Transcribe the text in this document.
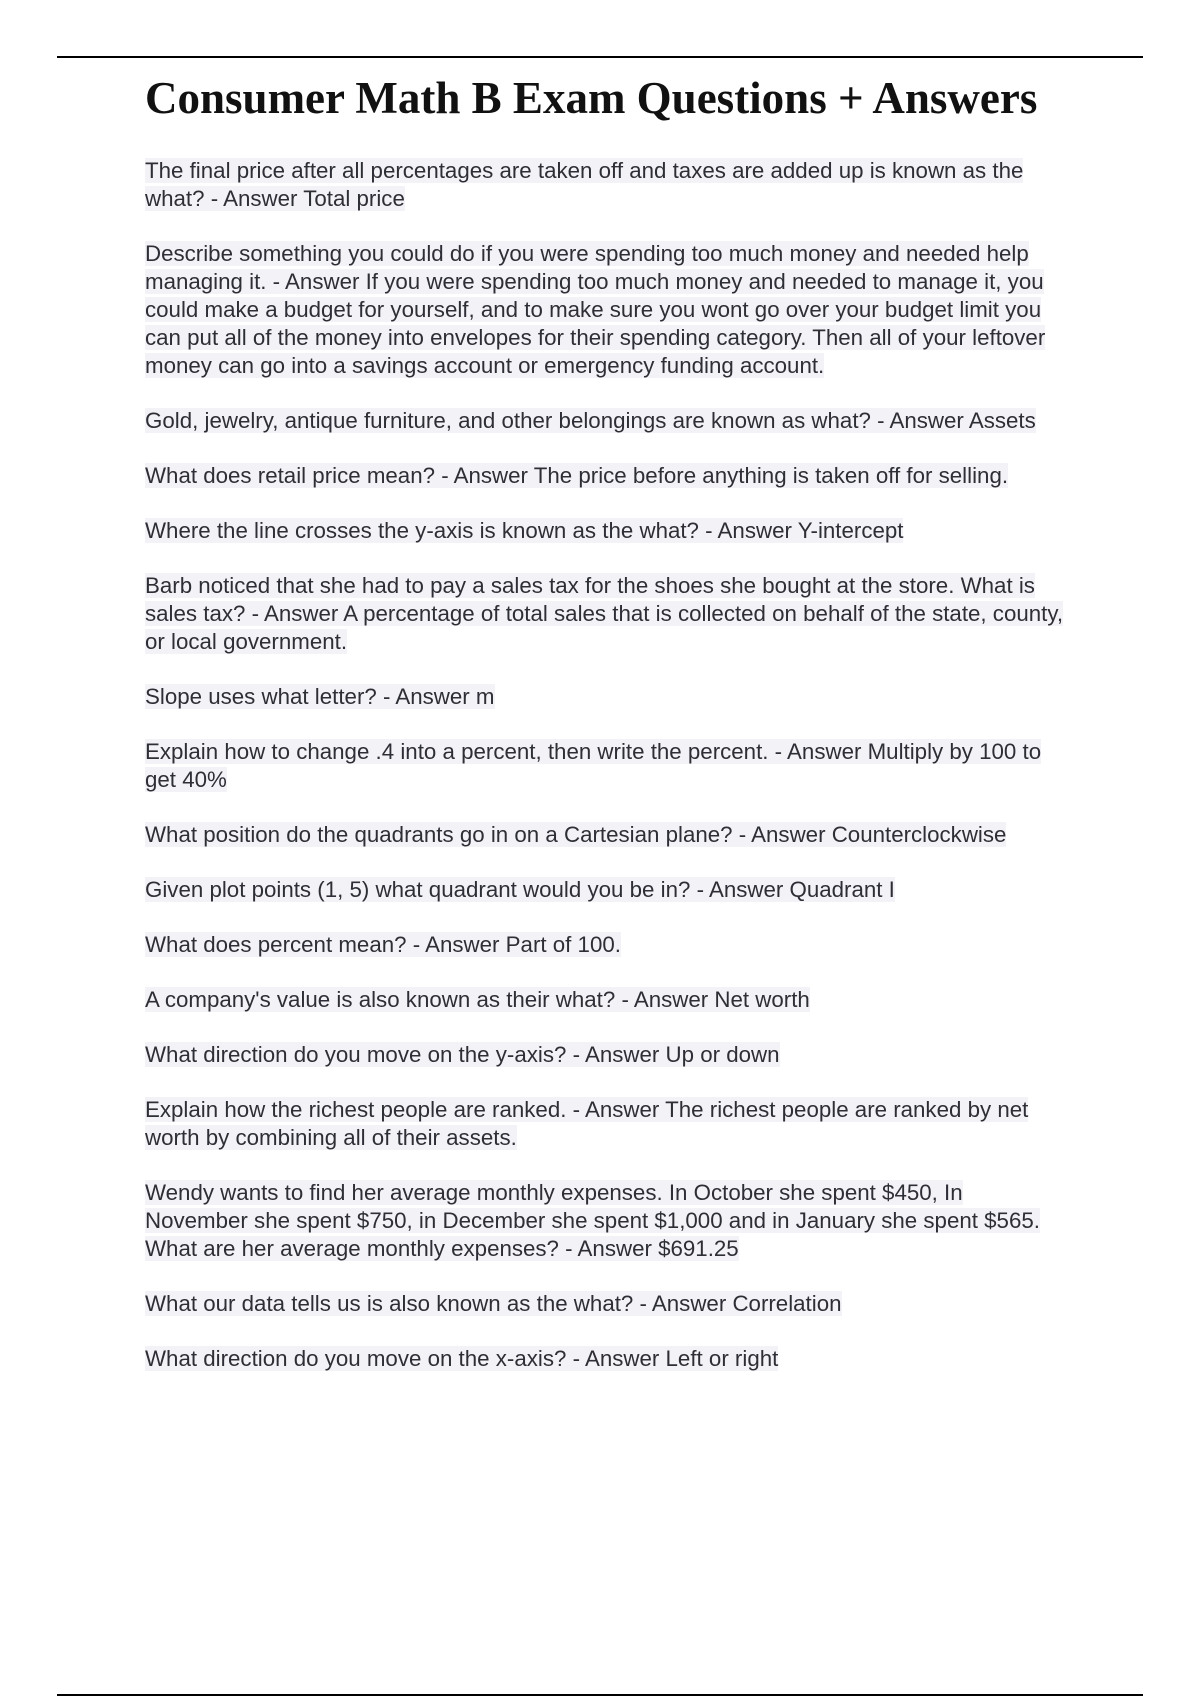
Consumer Math B Exam Questions + Answers

The final price after all percentages are taken off and taxes are added up is known as the what? - Answer Total price

Describe something you could do if you were spending too much money and needed help managing it. - Answer If you were spending too much money and needed to manage it, you could make a budget for yourself, and to make sure you wont go over your budget limit you can put all of the money into envelopes for their spending category. Then all of your leftover money can go into a savings account or emergency funding account.

Gold, jewelry, antique furniture, and other belongings are known as what? - Answer Assets

What does retail price mean? - Answer The price before anything is taken off for selling.

Where the line crosses the y-axis is known as the what? - Answer Y-intercept

Barb noticed that she had to pay a sales tax for the shoes she bought at the store. What is sales tax? - Answer A percentage of total sales that is collected on behalf of the state, county, or local government.

Slope uses what letter? - Answer m

Explain how to change .4 into a percent, then write the percent. - Answer Multiply by 100 to get 40%

What position do the quadrants go in on a Cartesian plane? - Answer Counterclockwise

Given plot points (1, 5) what quadrant would you be in? - Answer Quadrant I

What does percent mean? - Answer Part of 100.

A company's value is also known as their what? - Answer Net worth

What direction do you move on the y-axis? - Answer Up or down

Explain how the richest people are ranked. - Answer The richest people are ranked by net worth by combining all of their assets.

Wendy wants to find her average monthly expenses. In October she spent $450, In November she spent $750, in December she spent $1,000 and in January she spent $565. What are her average monthly expenses? - Answer $691.25

What our data tells us is also known as the what? - Answer Correlation

What direction do you move on the x-axis? - Answer Left or right
